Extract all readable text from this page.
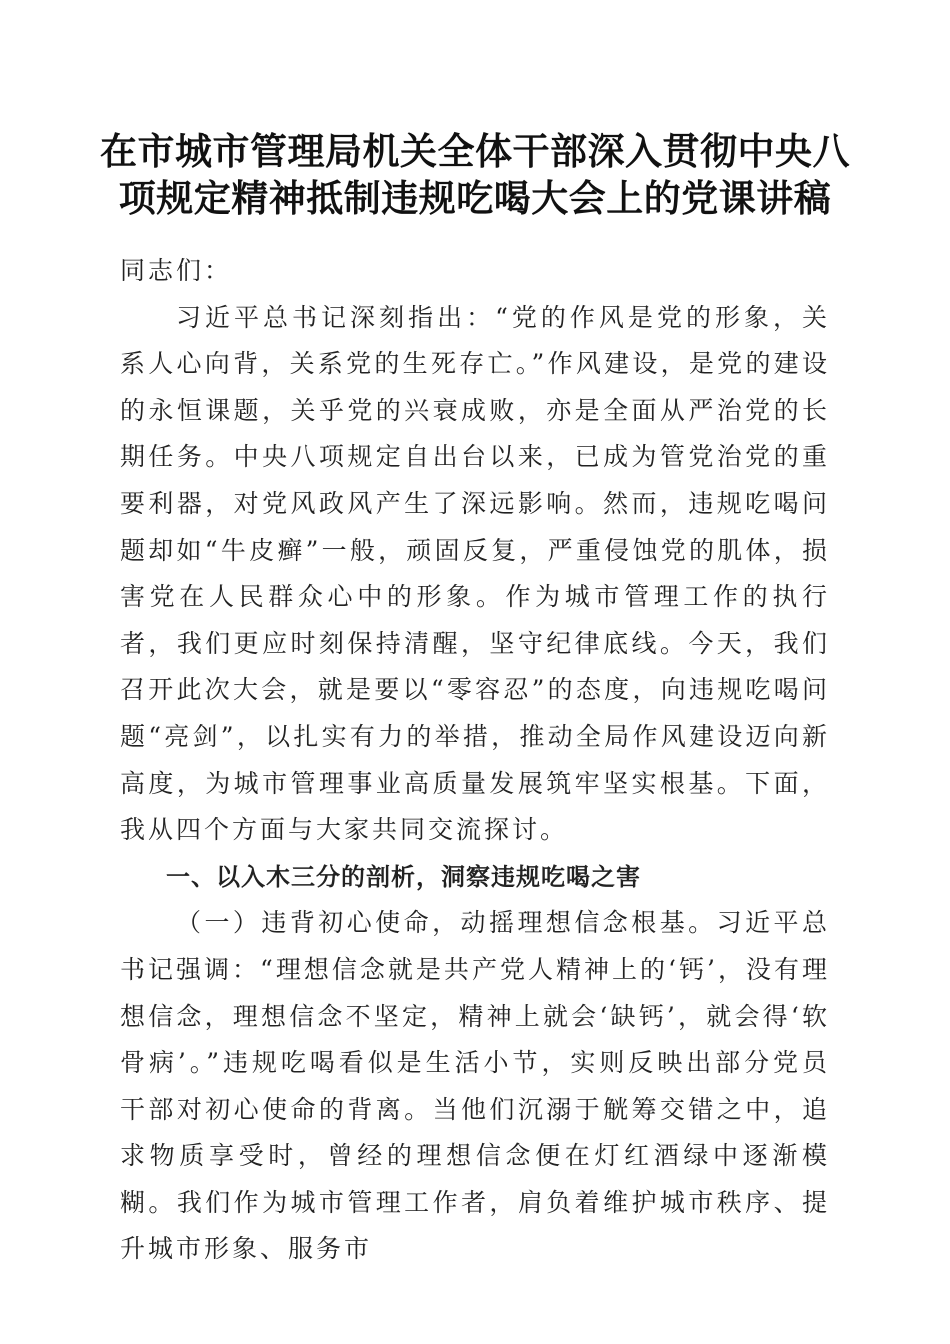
在市城市管理局机关全体干部深入贯彻中央八项规定精神抵制违规吃喝大会上的党课讲稿

同志们：

习近平总书记深刻指出：“党的作风是党的形象，关系人心向背，关系党的生死存亡。”作风建设，是党的建设的永恒课题，关乎党的兴衰成败，亦是全面从严治党的长期任务。中央八项规定自出台以来，已成为管党治党的重要利器，对党风政风产生了深远影响。然而，违规吃喝问题却如“牛皮癣”一般，顽固反复，严重侵蚀党的肌体，损害党在人民群众心中的形象。作为城市管理工作的执行者，我们更应时刻保持清醒，坚守纪律底线。今天，我们召开此次大会，就是要以“零容忍”的态度，向违规吃喝问题“亮剑”，以扎实有力的举措，推动全局作风建设迈向新高度，为城市管理事业高质量发展筑牢坚实根基。下面，我从四个方面与大家共同交流探讨。

一、以入木三分的剖析，洞察违规吃喝之害

（一）违背初心使命，动摇理想信念根基。习近平总书记强调：“理想信念就是共产党人精神上的‘钙’，没有理想信念，理想信念不坚定，精神上就会‘缺钙’，就会得‘软骨病’。”违规吃喝看似是生活小节，实则反映出部分党员干部对初心使命的背离。当他们沉溺于觥筹交错之中，追求物质享受时，曾经的理想信念便在灯红酒绿中逐渐模糊。我们作为城市管理工作者，肩负着维护城市秩序、提升城市形象、服务市
